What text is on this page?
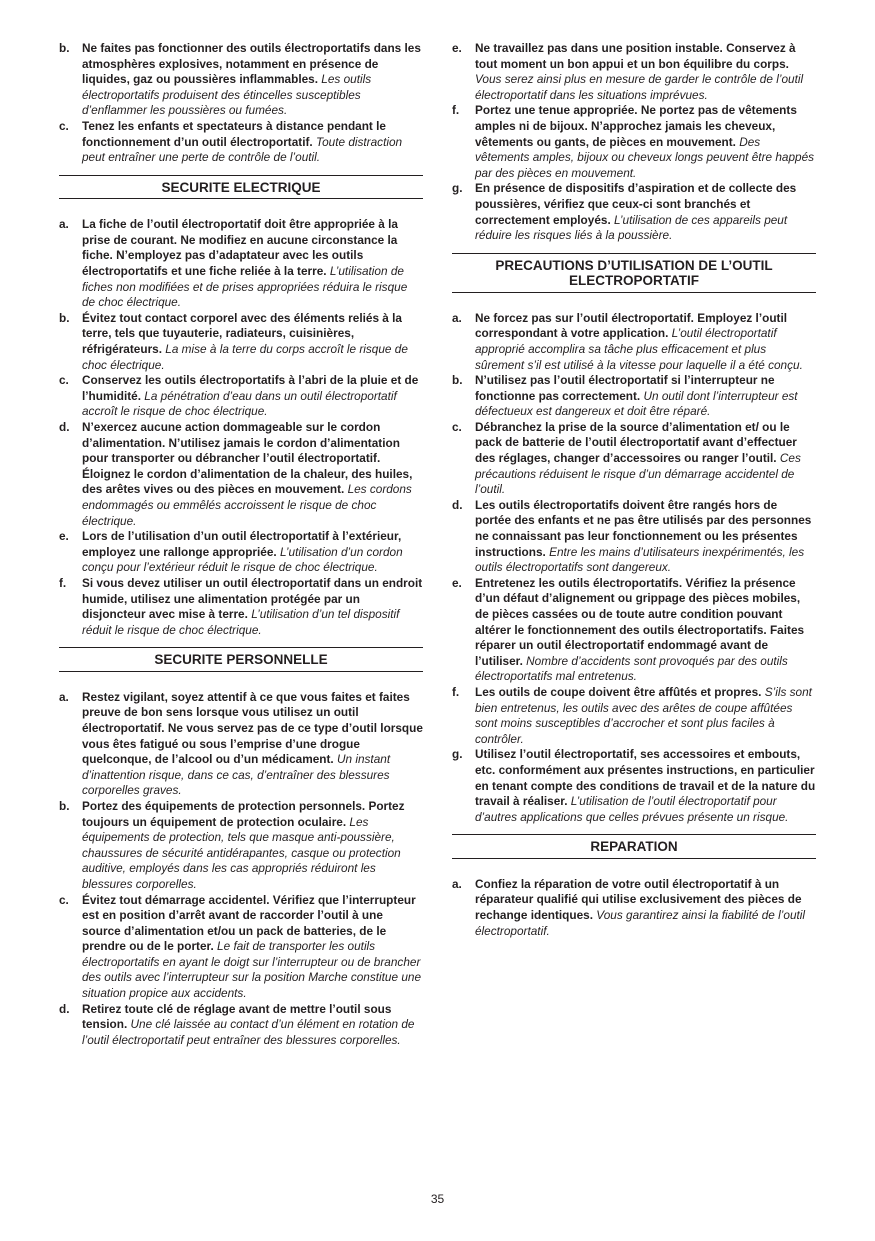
b. Ne faites pas fonctionner des outils électroportatifs dans les atmosphères explosives, notamment en présence de liquides, gaz ou poussières inflammables. Les outils électroportatifs produisent des étincelles susceptibles d’enflammer les poussières ou fumées.
c. Tenez les enfants et spectateurs à distance pendant le fonctionnement d’un outil électroportatif. Toute distraction peut entraîner une perte de contrôle de l’outil.
SECURITE ELECTRIQUE
a. La fiche de l’outil électroportatif doit être appropriée à la prise de courant. Ne modifiez en aucune circonstance la fiche. N’employez pas d’adaptateur avec les outils électroportatifs et une fiche reliée à la terre. L’utilisation de fiches non modifiées et de prises appropriées réduira le risque de choc électrique.
b. Évitez tout contact corporel avec des éléments reliés à la terre, tels que tuyauterie, radiateurs, cuisinières, réfrigérateurs. La mise à la terre du corps accroît le risque de choc électrique.
c. Conservez les outils électroportatifs à l’abri de la pluie et de l’humidité. La pénétration d’eau dans un outil électroportatif accroît le risque de choc électrique.
d. N’exercez aucune action dommageable sur le cordon d’alimentation. N’utilisez jamais le cordon d’alimentation pour transporter ou débrancher l’outil électroportatif. Éloignez le cordon d’alimentation de la chaleur, des huiles, des arêtes vives ou des pièces en mouvement. Les cordons endommagés ou emmêlés accroissent le risque de choc électrique.
e. Lors de l’utilisation d’un outil électroportatif à l’extérieur, employez une rallonge appropriée. L’utilisation d’un cordon conçu pour l’extérieur réduit le risque de choc électrique.
f. Si vous devez utiliser un outil électroportatif dans un endroit humide, utilisez une alimentation protégée par un disjoncteur avec mise à terre. L’utilisation d’un tel dispositif réduit le risque de choc électrique.
SECURITE PERSONNELLE
a. Restez vigilant, soyez attentif à ce que vous faites et faites preuve de bon sens lorsque vous utilisez un outil électroportatif. Ne vous servez pas de ce type d’outil lorsque vous êtes fatigué ou sous l’emprise d’une drogue quelconque, de l’alcool ou d’un médicament. Un instant d’inattention risque, dans ce cas, d’entraîner des blessures corporelles graves.
b. Portez des équipements de protection personnels. Portez toujours un équipement de protection oculaire. Les équipements de protection, tels que masque anti-poussière, chaussures de sécurité antidérapantes, casque ou protection auditive, employés dans les cas appropriés réduiront les blessures corporelles.
c. Évitez tout démarrage accidentel. Vérifiez que l’interrupteur est en position d’arrêt avant de raccorder l’outil à une source d’alimentation et/ou un pack de batteries, de le prendre ou de le porter. Le fait de transporter les outils électroportatifs en ayant le doigt sur l’interrupteur ou de brancher des outils avec l’interrupteur sur la position Marche constitue une situation propice aux accidents.
d. Retirez toute clé de réglage avant de mettre l’outil sous tension. Une clé laissée au contact d’un élément en rotation de l’outil électroportatif peut entraîner des blessures corporelles.
e. Ne travaillez pas dans une position instable. Conservez à tout moment un bon appui et un bon équilibre du corps. Vous serez ainsi plus en mesure de garder le contrôle de l’outil électroportatif dans les situations imprévues.
f. Portez une tenue appropriée. Ne portez pas de vêtements amples ni de bijoux. N’approchez jamais les cheveux, vêtements ou gants, de pièces en mouvement. Des vêtements amples, bijoux ou cheveux longs peuvent être happés par des pièces en mouvement.
g. En présence de dispositifs d’aspiration et de collecte des poussières, vérifiez que ceux-ci sont branchés et correctement employés. L’utilisation de ces appareils peut réduire les risques liés à la poussière.
PRECAUTIONS D’UTILISATION DE L’OUTIL ELECTROPORTATIF
a. Ne forcez pas sur l’outil électroportatif. Employez l’outil correspondant à votre application. L’outil électroportatif approprié accomplira sa tâche plus efficacement et plus sûrement s’il est utilisé à la vitesse pour laquelle il a été conçu.
b. N’utilisez pas l’outil électroportatif si l’interrupteur ne fonctionne pas correctement. Un outil dont l’interrupteur est défectueux est dangereux et doit être réparé.
c. Débranchez la prise de la source d’alimentation et/ ou le pack de batterie de l’outil électroportatif avant d’effectuer des réglages, changer d’accessoires ou ranger l’outil. Ces précautions réduisent le risque d’un démarrage accidentel de l’outil.
d. Les outils électroportatifs doivent être rangés hors de portée des enfants et ne pas être utilisés par des personnes ne connaissant pas leur fonctionnement ou les présentes instructions. Entre les mains d’utilisateurs inexpérimentés, les outils électroportatifs sont dangereux.
e. Entretenez les outils électroportatifs. Vérifiez la présence d’un défaut d’alignement ou grippage des pièces mobiles, de pièces cassées ou de toute autre condition pouvant altérer le fonctionnement des outils électroportatifs. Faites réparer un outil électroportatif endommagé avant de l’utiliser. Nombre d’accidents sont provoqués par des outils électroportatifs mal entretenus.
f. Les outils de coupe doivent être affûtés et propres. S’ils sont bien entretenus, les outils avec des arêtes de coupe affûtées sont moins susceptibles d’accrocher et sont plus faciles à contrôler.
g. Utilisez l’outil électroportatif, ses accessoires et embouts, etc. conformément aux présentes instructions, en particulier en tenant compte des conditions de travail et de la nature du travail à réaliser. L’utilisation de l’outil électroportatif pour d’autres applications que celles prévues présente un risque.
REPARATION
a. Confiez la réparation de votre outil électroportatif à un réparateur qualifié qui utilise exclusivement des pièces de rechange identiques. Vous garantirez ainsi la fiabilité de l’outil électroportatif.
35
